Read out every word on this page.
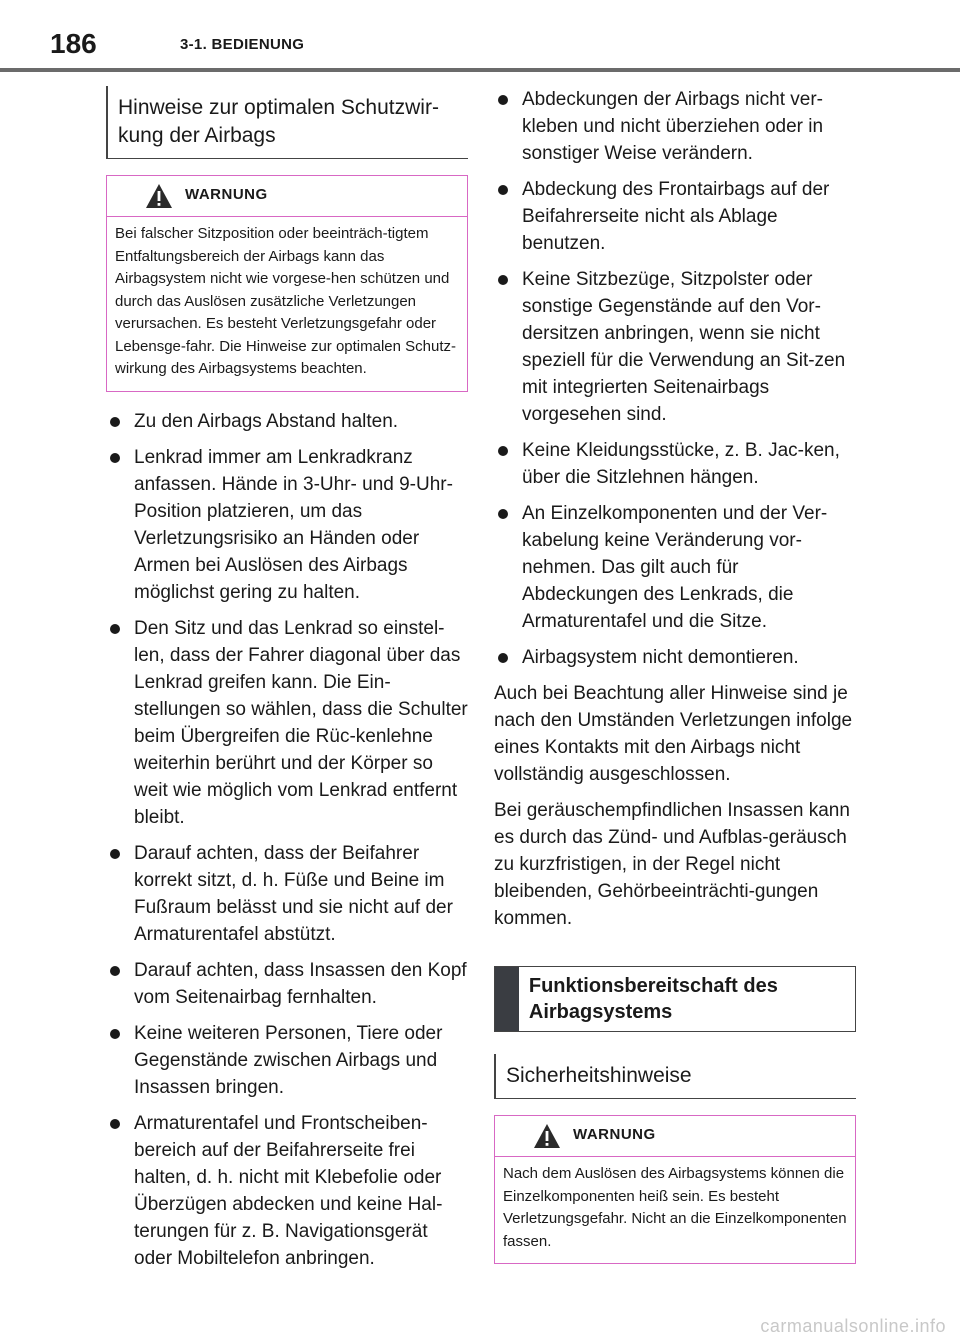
186	3-1. BEDIENUNG
Hinweise zur optimalen Schutzwir-kung der Airbags
WARNUNG
Bei falscher Sitzposition oder beeinträch-tigtem Entfaltungsbereich der Airbags kann das Airbagsystem nicht wie vorgese-hen schützen und durch das Auslösen zusätzliche Verletzungen verursachen. Es besteht Verletzungsgefahr oder Lebensge-fahr. Die Hinweise zur optimalen Schutz-wirkung des Airbagsystems beachten.
Zu den Airbags Abstand halten.
Lenkrad immer am Lenkradkranz anfassen. Hände in 3-Uhr- und 9-Uhr-Position platzieren, um das Verletzungsrisiko an Händen oder Armen bei Auslösen des Airbags möglichst gering zu halten.
Den Sitz und das Lenkrad so einstel-len, dass der Fahrer diagonal über das Lenkrad greifen kann. Die Ein-stellungen so wählen, dass die Schulter beim Übergreifen die Rüc-kenlehne weiterhin berührt und der Körper so weit wie möglich vom Lenkrad entfernt bleibt.
Darauf achten, dass der Beifahrer korrekt sitzt, d. h. Füße und Beine im Fußraum belässt und sie nicht auf der Armaturentafel abstützt.
Darauf achten, dass Insassen den Kopf vom Seitenairbag fernhalten.
Keine weiteren Personen, Tiere oder Gegenstände zwischen Airbags und Insassen bringen.
Armaturentafel und Frontscheiben-bereich auf der Beifahrerseite frei halten, d. h. nicht mit Klebefolie oder Überzügen abdecken und keine Hal-terungen für z. B. Navigationsgerät oder Mobiltelefon anbringen.
Abdeckungen der Airbags nicht ver-kleben und nicht überziehen oder in sonstiger Weise verändern.
Abdeckung des Frontairbags auf der Beifahrerseite nicht als Ablage benutzen.
Keine Sitzbezüge, Sitzpolster oder sonstige Gegenstände auf den Vor-dersitzen anbringen, wenn sie nicht speziell für die Verwendung an Sit-zen mit integrierten Seitenairbags vorgesehen sind.
Keine Kleidungsstücke, z. B. Jac-ken, über die Sitzlehnen hängen.
An Einzelkomponenten und der Ver-kabelung keine Veränderung vor-nehmen. Das gilt auch für Abdeckungen des Lenkrads, die Armaturentafel und die Sitze.
Airbagsystem nicht demontieren.

Auch bei Beachtung aller Hinweise sind je nach den Umständen Verletzungen infolge eines Kontakts mit den Airbags nicht vollständig ausgeschlossen.

Bei geräuschempfindlichen Insassen kann es durch das Zünd- und Aufblas-geräusch zu kurzfristigen, in der Regel nicht bleibenden, Gehörbeeinträchti-gungen kommen.

Funktionsbereitschaft des Airbagsystems
Sicherheitshinweise
WARNUNG
Nach dem Auslösen des Airbagsystems können die Einzelkomponenten heiß sein. Es besteht Verletzungsgefahr. Nicht an die Einzelkomponenten fassen.
carmanualsonline.info
